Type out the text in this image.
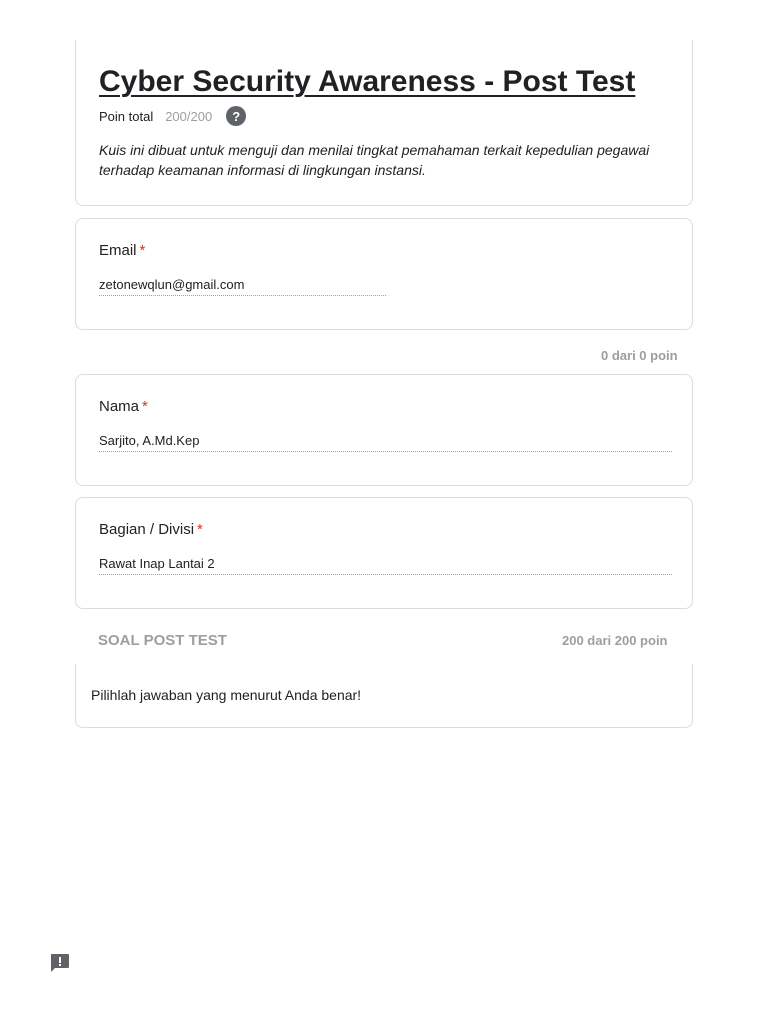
Cyber Security Awareness - Post Test
Poin total 200/200	?

Kuis ini dibuat untuk menguji dan menilai tingkat pemahaman terkait kepedulian pegawai terhadap keamanan informasi di lingkungan instansi.

Email *
zetonewqlun@gmail.com
0 dari 0 poin
Nama *
Sarjito, A.Md.Kep
Bagian / Divisi *
Rawat Inap Lantai 2
SOAL POST TEST	200 dari 200 poin
Pilihlah jawaban yang menurut Anda benar!
